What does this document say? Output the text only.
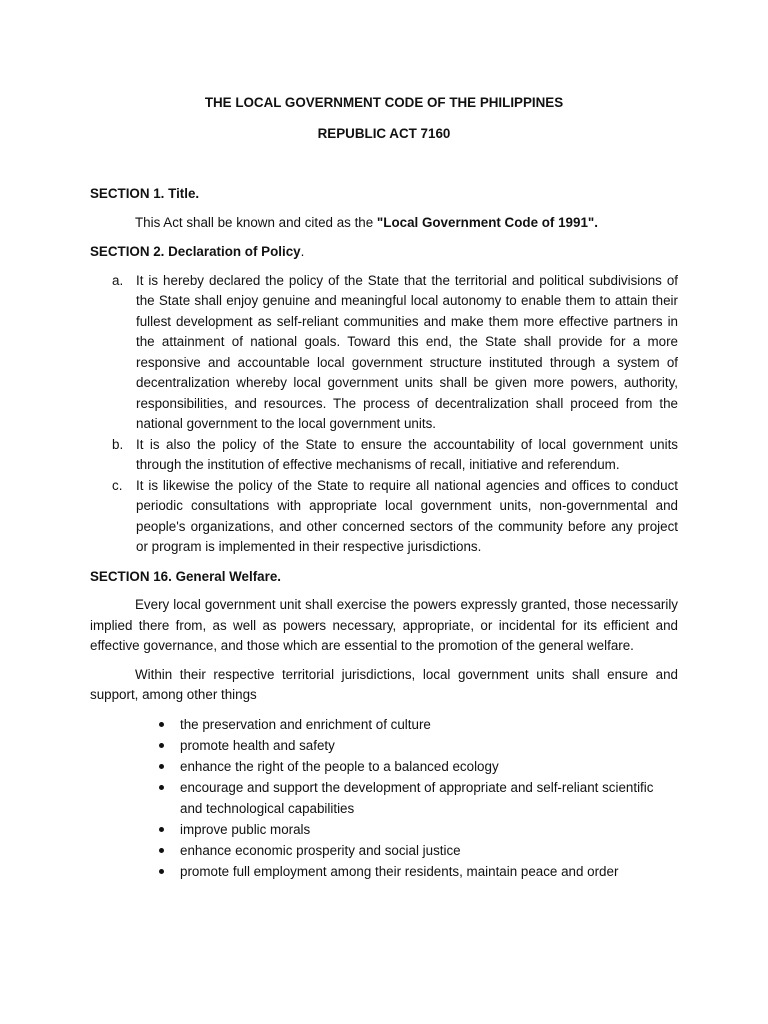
THE LOCAL GOVERNMENT CODE OF THE PHILIPPINES

REPUBLIC ACT 7160

SECTION 1. Title.

This Act shall be known and cited as the "Local Government Code of 1991".

SECTION 2. Declaration of Policy.

a. It is hereby declared the policy of the State that the territorial and political subdivisions of the State shall enjoy genuine and meaningful local autonomy to enable them to attain their fullest development as self-reliant communities and make them more effective partners in the attainment of national goals. Toward this end, the State shall provide for a more responsive and accountable local government structure instituted through a system of decentralization whereby local government units shall be given more powers, authority, responsibilities, and resources. The process of decentralization shall proceed from the national government to the local government units.
b. It is also the policy of the State to ensure the accountability of local government units through the institution of effective mechanisms of recall, initiative and referendum.
c. It is likewise the policy of the State to require all national agencies and offices to conduct periodic consultations with appropriate local government units, non-governmental and people's organizations, and other concerned sectors of the community before any project or program is implemented in their respective jurisdictions.

SECTION 16. General Welfare.

Every local government unit shall exercise the powers expressly granted, those necessarily implied there from, as well as powers necessary, appropriate, or incidental for its efficient and effective governance, and those which are essential to the promotion of the general welfare.

Within their respective territorial jurisdictions, local government units shall ensure and support, among other things

the preservation and enrichment of culture
promote health and safety
enhance the right of the people to a balanced ecology
encourage and support the development of appropriate and self-reliant scientific and technological capabilities
improve public morals
enhance economic prosperity and social justice
promote full employment among their residents, maintain peace and order
